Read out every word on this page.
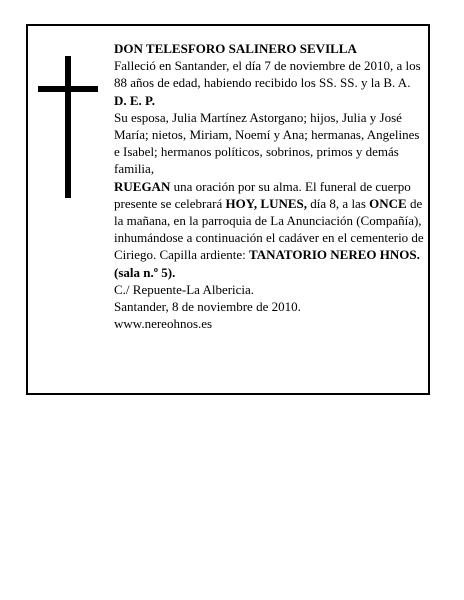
DON TELESFORO SALINERO SEVILLA

Falleció en Santander, el día 7 de noviembre de 2010, a los 88 años de edad, habiendo recibido los SS. SS. y la B. A.

D. E. P.

Su esposa, Julia Martínez Astorgano; hijos, Julia y José María; nietos, Miriam, Noemí y Ana; hermanas, Angelines e Isabel; hermanos políticos, sobrinos, primos y demás familia,

RUEGAN una oración por su alma. El funeral de cuerpo presente se celebrará HOY, LUNES, día 8, a las ONCE de la mañana, en la parroquia de La Anunciación (Compañía), inhumándose a continuación el cadáver en el cementerio de Ciriego. Capilla ardiente: TANATORIO NEREO HNOS. (sala n.º 5).

C./ Repuente-La Albericia.

Santander, 8 de noviembre de 2010.

www.nereohnos.es
